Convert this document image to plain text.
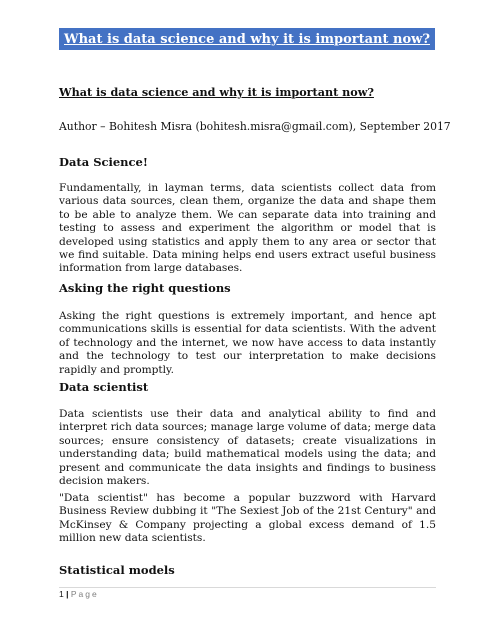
What is data science and why it is important now?
What is data science and why it is important now?
Author – Bohitesh Misra (bohitesh.misra@gmail.com), September 2017
Data Science!

Fundamentally, in layman terms, data scientists collect data from various data sources, clean them, organize the data and shape them to be able to analyze them. We can separate data into training and testing to assess and experiment the algorithm or model that is developed using statistics and apply them to any area or sector that we find suitable. Data mining helps end users extract useful business information from large databases.

Asking the right questions

Asking the right questions is extremely important, and hence apt communications skills is essential for data scientists. With the advent of technology and the internet, we now have access to data instantly and the technology to test our interpretation to make decisions rapidly and promptly.

Data scientist

Data scientists use their data and analytical ability to find and interpret rich data sources; manage large volume of data; merge data sources; ensure consistency of datasets; create visualizations in understanding data; build mathematical models using the data; and present and communicate the data insights and findings to business decision makers.

"Data scientist" has become a popular buzzword with Harvard Business Review dubbing it "The Sexiest Job of the 21st Century" and McKinsey & Company projecting a global excess demand of 1.5 million new data scientists.

Statistical models
1 | Page
